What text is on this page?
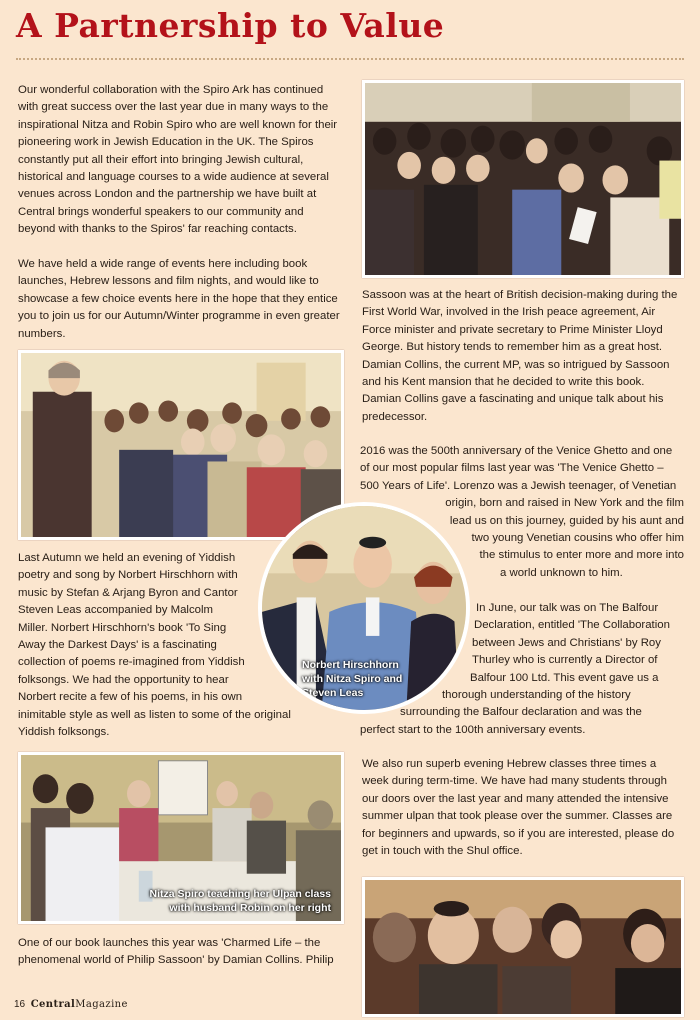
A Partnership to Value

Our wonderful collaboration with the Spiro Ark has continued with great success over the last year due in many ways to the inspirational Nitza and Robin Spiro who are well known for their pioneering work in Jewish Education in the UK. The Spiros constantly put all their effort into bringing Jewish cultural, historical and language courses to a wide audience at several venues across London and the partnership we have built at Central brings wonderful speakers to our community and beyond with thanks to the Spiros' far reaching contacts.

We have held a wide range of events here including book launches, Hebrew lessons and film nights, and would like to showcase a few choice events here in the hope that they entice you to join us for our Autumn/Winter programme in even greater numbers.

Last Autumn we held an evening of Yiddish
poetry and song by Norbert Hirschhorn with
music by Stefan & Arjang Byron and Cantor
Steven Leas accompanied by Malcolm
Miller. Norbert Hirschhorn's book 'To Sing
Away the Darkest Days' is a fascinating
collection of poems re-imagined from Yiddish
folksongs. We had the opportunity to hear
Norbert recite a few of his poems, in his own
inimitable style as well as listen to some of the original
Yiddish folksongs.
Nitza Spiro teaching her Ulpan class
with husband Robin on her right

One of our book launches this year was 'Charmed Life – the phenomenal world of Philip Sassoon' by Damian Collins. Philip

Sassoon was at the heart of British decision-making during the First World War, involved in the Irish peace agreement, Air Force minister and private secretary to Prime Minister Lloyd George. But history tends to remember him as a great host. Damian Collins, the current MP, was so intrigued by Sassoon and his Kent mansion that he decided to write this book. Damian Collins gave a fascinating and unique talk about his predecessor.

2016 was the 500th anniversary of the Venice Ghetto and one
of our most popular films last year was 'The Venice Ghetto –
500 Years of Life'. Lorenzo was a Jewish teenager, of Venetian
origin, born and raised in New York and the film
lead us on this journey, guided by his aunt and
two young Venetian cousins who offer him
the stimulus to enter more and more into
a world unknown to him.
In June, our talk was on The Balfour
Declaration, entitled 'The Collaboration
between Jews and Christians' by Roy
Thurley who is currently a Director of
Balfour 100 Ltd. This event gave us a
thorough understanding of the history
surrounding the Balfour declaration and was the
perfect start to the 100th anniversary events.

We also run superb evening Hebrew classes three times a week during term-time. We have had many students through our doors over the last year and many attended the intensive summer ulpan that took please over the summer. Classes are for beginners and upwards, so if you are interested, please do get in touch with the Shul office.

Norbert Hirschhorn
with Nitza Spiro and
Steven Leas
16 CentralMagazine
